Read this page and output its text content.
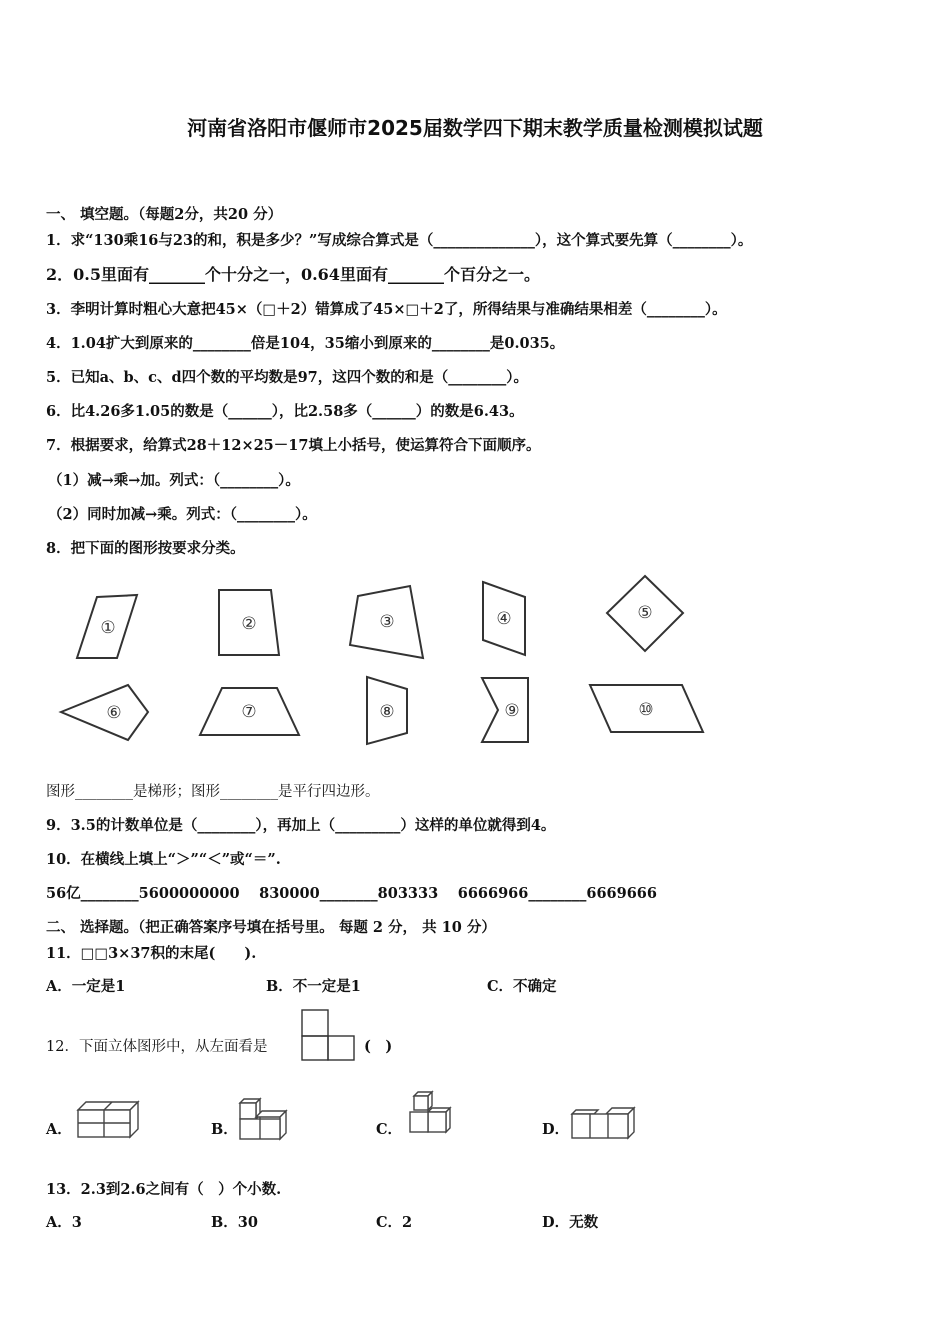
河南省洛阳市偃师市2025届数学四下期末教学质量检测模拟试题
一、 填空题。（每题2分，共20 分）
1．求“130乘16与23的和，积是多少？”写成综合算式是（______________），这个算式要先算（________）。
2．0.5里面有_______个十分之一，0.64里面有_______个百分之一。
3．李明计算时粗心大意把45×（□＋2）错算成了45×□＋2了，所得结果与准确结果相差（________）。
4．1.04扩大到原来的________倍是104，35缩小到原来的________是0.035。
5．已知a、b、c、d四个数的平均数是97，这四个数的和是（________）。
6．比4.26多1.05的数是（______），比2.58多（______）的数是6.43。
7．根据要求，给算式28＋12×25－17填上小括号，使运算符合下面顺序。
（1）减→乘→加。列式：（________）。
（2）同时加减→乘。列式：（________）。
8．把下面的图形按要求分类。
①	②	③	④	⑤
⑥	⑦	⑧	⑨	⑩
图形________是梯形；图形________是平行四边形。
9．3.5的计数单位是（________），再加上（_________）这样的单位就得到4。
10．在横线上填上“＞”“＜”或“＝”.
56亿________5600000000　 830000________803333　 6666966________6669666
二、 选择题。（把正确答案序号填在括号里。 每题 2 分， 共 10 分）
11．□□3×37积的末尾(　　).
A．一定是1	B．不一定是1	C．不确定
12．下面立体图形中，从左面看是	(　)
A．	B．	C．	D．
13．2.3到2.6之间有（　）个小数.
A．3	B．30	C．2	D．无数
